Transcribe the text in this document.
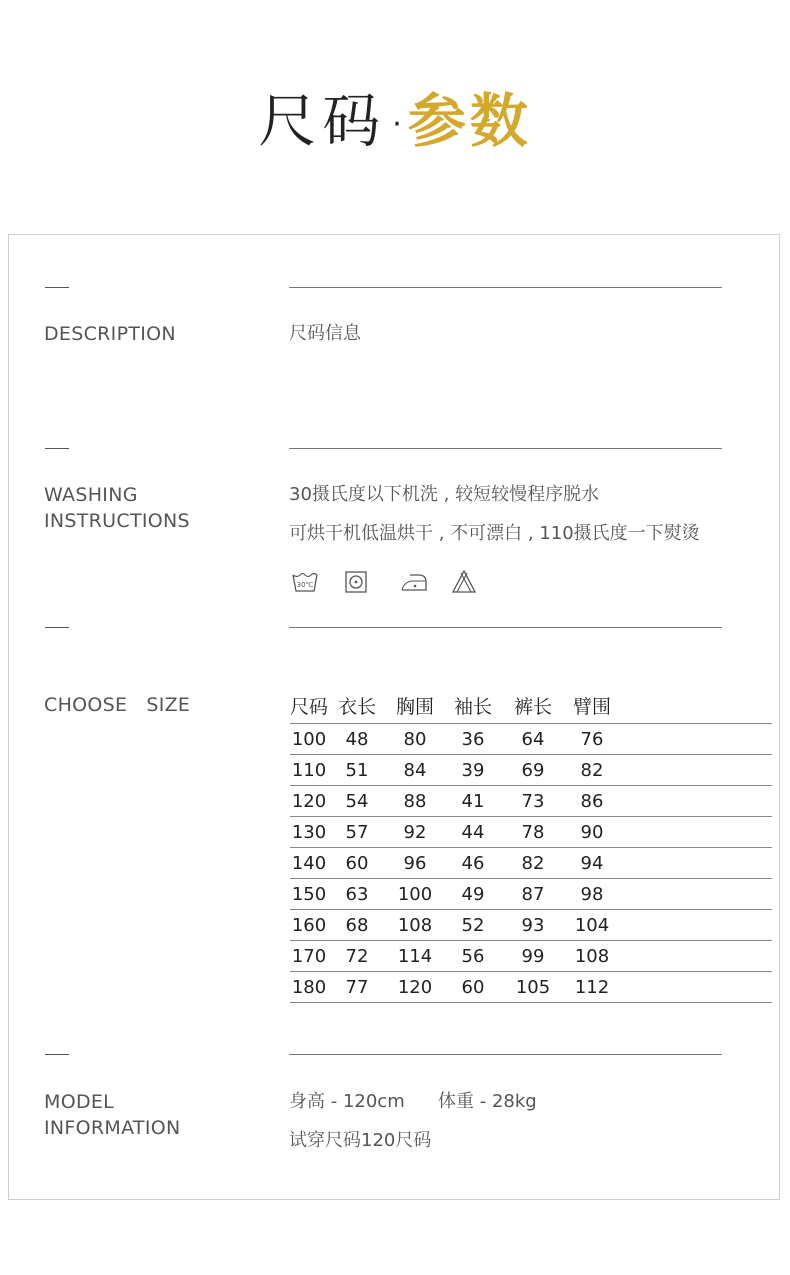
尺码 · 参数
DESCRIPTION	尺码信息
WASHING
INSTRUCTIONS
30摄氏度以下机洗 , 较短较慢程序脱水
可烘干机低温烘干 , 不可漂白 , 110摄氏度一下熨烫
30℃
CHOOSE   SIZE	尺码	衣长	胸围	袖长	裤长	臂围	
100	48	80	36	64	76	
110	51	84	39	69	82	
120	54	88	41	73	86	
130	57	92	44	78	90	
140	60	96	46	82	94	
150	63	100	49	87	98	
160	68	108	52	93	104	
170	72	114	56	99	108	
180	77	120	60	105	112	
MODEL
INFORMATION
身高 - 120cm 体重 - 28kg
试穿尺码120尺码
